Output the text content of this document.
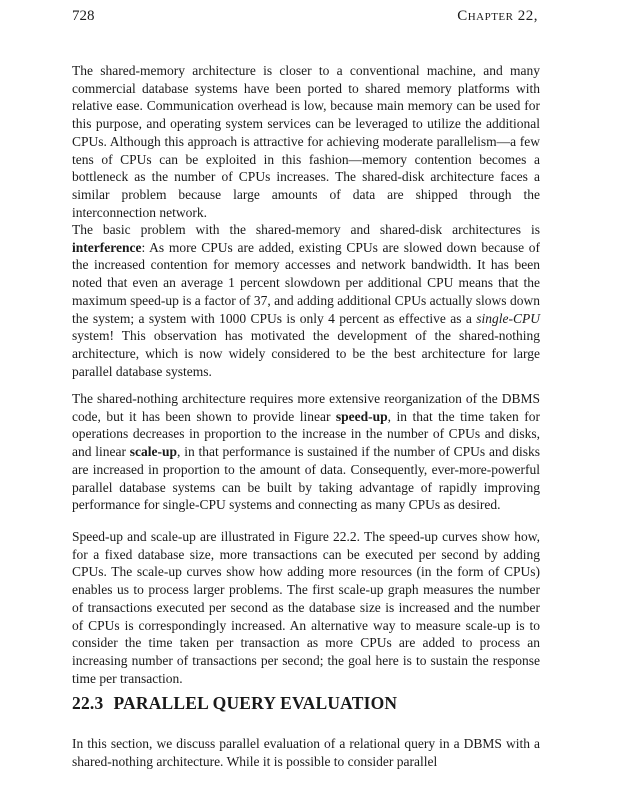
728	Chapter 22,

The shared-memory architecture is closer to a conventional machine, and many commercial database systems have been ported to shared memory platforms with relative ease. Communication overhead is low, because main memory can be used for this purpose, and operating system services can be leveraged to utilize the additional CPUs. Although this approach is attractive for achieving moderate parallelism—a few tens of CPUs can be exploited in this fashion—memory contention becomes a bottleneck as the number of CPUs increases. The shared-disk architecture faces a similar problem because large amounts of data are shipped through the interconnection network.

The basic problem with the shared-memory and shared-disk architectures is interference: As more CPUs are added, existing CPUs are slowed down because of the increased contention for memory accesses and network bandwidth. It has been noted that even an average 1 percent slowdown per additional CPU means that the maximum speed-up is a factor of 37, and adding additional CPUs actually slows down the system; a system with 1000 CPUs is only 4 percent as effective as a single-CPU system! This observation has motivated the development of the shared-nothing architecture, which is now widely considered to be the best architecture for large parallel database systems.

The shared-nothing architecture requires more extensive reorganization of the DBMS code, but it has been shown to provide linear speed-up, in that the time taken for operations decreases in proportion to the increase in the number of CPUs and disks, and linear scale-up, in that performance is sustained if the number of CPUs and disks are increased in proportion to the amount of data. Consequently, ever-more-powerful parallel database systems can be built by taking advantage of rapidly improving performance for single-CPU systems and connecting as many CPUs as desired.

Speed-up and scale-up are illustrated in Figure 22.2. The speed-up curves show how, for a fixed database size, more transactions can be executed per second by adding CPUs. The scale-up curves show how adding more resources (in the form of CPUs) enables us to process larger problems. The first scale-up graph measures the number of transactions executed per second as the database size is increased and the number of CPUs is correspondingly increased. An alternative way to measure scale-up is to consider the time taken per transaction as more CPUs are added to process an increasing number of transactions per second; the goal here is to sustain the response time per transaction.

22.3 PARALLEL QUERY EVALUATION

In this section, we discuss parallel evaluation of a relational query in a DBMS with a shared-nothing architecture. While it is possible to consider parallel
